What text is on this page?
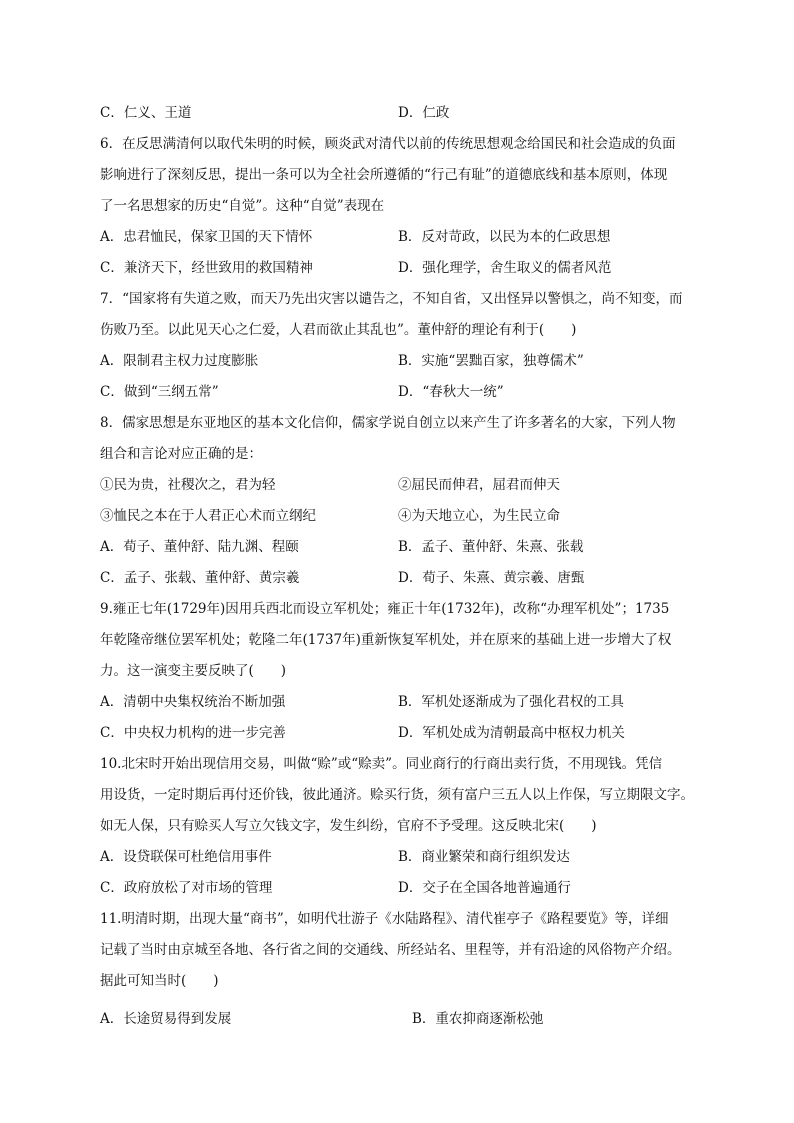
C．仁义、王道	D．仁政
6．在反思满清何以取代朱明的时候，顾炎武对清代以前的传统思想观念给国民和社会造成的负面
影响进行了深刻反思，提出一条可以为全社会所遵循的“行己有耻”的道德底线和基本原则，体现
了一名思想家的历史“自觉”。这种“自觉”表现在
A．忠君恤民，保家卫国的天下情怀	B．反对苛政，以民为本的仁政思想
C．兼济天下，经世致用的救国精神	D．强化理学，舍生取义的儒者风范
7．“国家将有失道之败，而天乃先出灾害以谴告之，不知自省，又出怪异以警惧之，尚不知变，而
伤败乃至。以此见天心之仁爱，人君而欲止其乱也”。董仲舒的理论有利于(　　)
A．限制君主权力过度膨胀	B．实施“罢黜百家，独尊儒术”
C．做到“三纲五常”	D．“春秋大一统”
8．儒家思想是东亚地区的基本文化信仰，儒家学说自创立以来产生了许多著名的大家，下列人物
组合和言论对应正确的是：
①民为贵，社稷次之，君为轻	②屈民而伸君，屈君而伸天
③恤民之本在于人君正心术而立纲纪	④为天地立心，为生民立命
A．荀子、董仲舒、陆九渊、程颐	B．孟子、董仲舒、朱熹、张载
C．孟子、张载、董仲舒、黄宗羲	D．荀子、朱熹、黄宗羲、唐甄
9.雍正七年(1729年)因用兵西北而设立军机处；雍正十年(1732年)，改称“办理军机处”；1735
年乾隆帝继位罢军机处；乾隆二年(1737年)重新恢复军机处，并在原来的基础上进一步增大了权
力。这一演变主要反映了(　　)
A．清朝中央集权统治不断加强	B．军机处逐渐成为了强化君权的工具
C．中央权力机构的进一步完善	D．军机处成为清朝最高中枢权力机关
10.北宋时开始出现信用交易，叫做“赊”或“赊卖”。同业商行的行商出卖行货，不用现钱。凭信
用设货，一定时期后再付还价钱，彼此通济。赊买行货，须有富户三五人以上作保，写立期限文字。
如无人保，只有赊买人写立欠钱文字，发生纠纷，官府不予受理。这反映北宋(　　)
A．设贷联保可杜绝信用事件	B．商业繁荣和商行组织发达
C．政府放松了对市场的管理	D．交子在全国各地普遍通行
11.明清时期，出现大量“商书”，如明代壮游子《水陆路程》、清代崔亭子《路程要览》等，详细
记载了当时由京城至各地、各行省之间的交通线、所经站名、里程等，并有沿途的风俗物产介绍。
据此可知当时(　　)
A．长途贸易得到发展	B．重农抑商逐渐松弛
